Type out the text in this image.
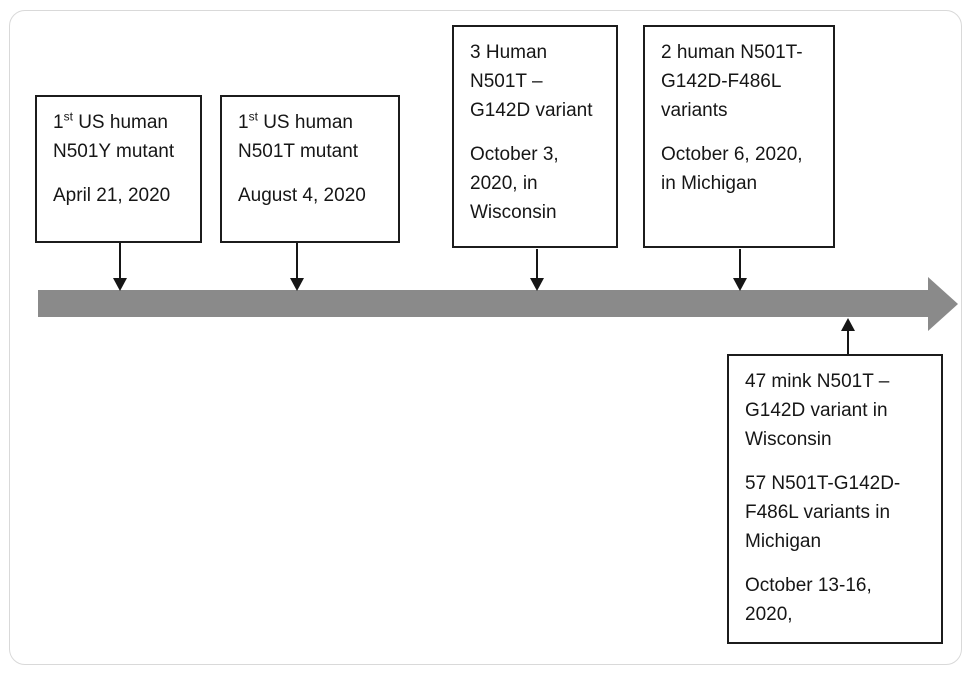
1st US human
N501Y mutant

April 21, 2020

1st US human
N501T mutant

August 4, 2020

3 Human
N501T –
G142D variant

October 3,
2020, in
Wisconsin

2 human N501T-
G142D-F486L
variants

October 6, 2020,
in Michigan

47 mink N501T –
G142D variant in
Wisconsin

57 N501T-G142D-
F486L variants in
Michigan

October 13-16,
2020,
